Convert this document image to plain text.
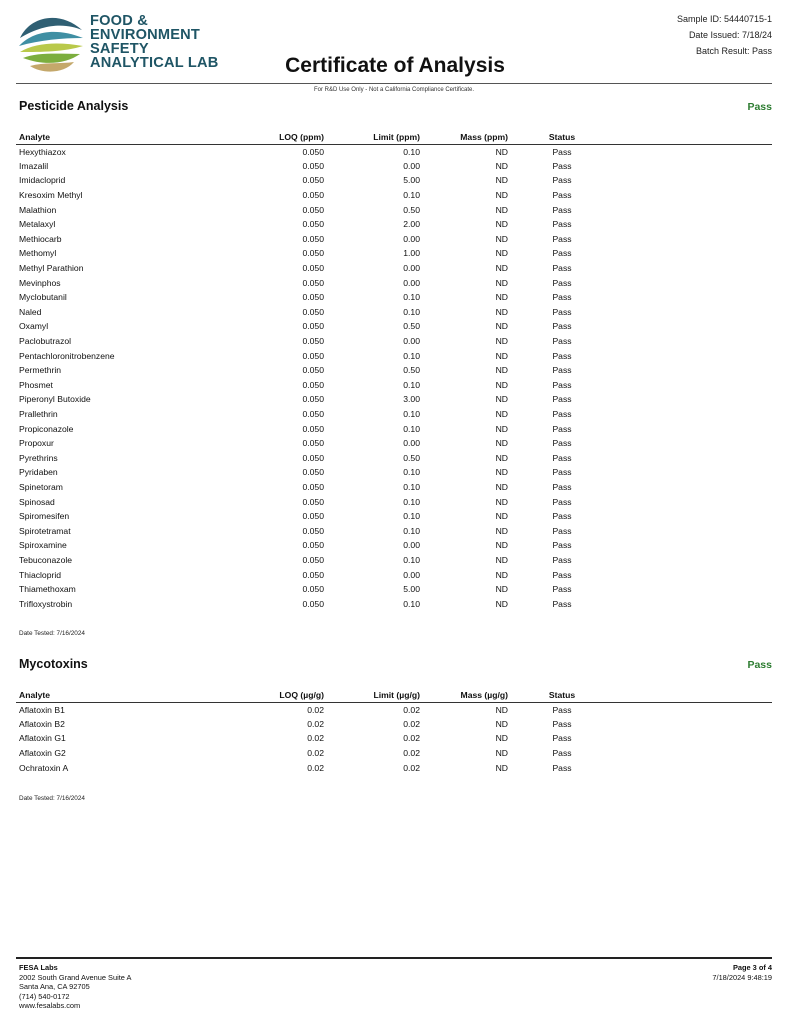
FOOD &
ENVIRONMENT
SAFETY
ANALYTICAL LAB	Certificate of Analysis
Sample ID: 54440715-1
Date Issued: 7/18/24
Batch Result: Pass
For R&D Use Only - Not a California Compliance Certificate.
Pesticide Analysis	Pass
Analyte	LOQ (ppm)	Limit (ppm)	Mass (ppm)	Status	
Hexythiazox	0.050	0.10	ND	Pass	
Imazalil	0.050	0.00	ND	Pass	
Imidacloprid	0.050	5.00	ND	Pass	
Kresoxim Methyl	0.050	0.10	ND	Pass	
Malathion	0.050	0.50	ND	Pass	
Metalaxyl	0.050	2.00	ND	Pass	
Methiocarb	0.050	0.00	ND	Pass	
Methomyl	0.050	1.00	ND	Pass	
Methyl Parathion	0.050	0.00	ND	Pass	
Mevinphos	0.050	0.00	ND	Pass	
Myclobutanil	0.050	0.10	ND	Pass	
Naled	0.050	0.10	ND	Pass	
Oxamyl	0.050	0.50	ND	Pass	
Paclobutrazol	0.050	0.00	ND	Pass	
Pentachloronitrobenzene	0.050	0.10	ND	Pass	
Permethrin	0.050	0.50	ND	Pass	
Phosmet	0.050	0.10	ND	Pass	
Piperonyl Butoxide	0.050	3.00	ND	Pass	
Prallethrin	0.050	0.10	ND	Pass	
Propiconazole	0.050	0.10	ND	Pass	
Propoxur	0.050	0.00	ND	Pass	
Pyrethrins	0.050	0.50	ND	Pass	
Pyridaben	0.050	0.10	ND	Pass	
Spinetoram	0.050	0.10	ND	Pass	
Spinosad	0.050	0.10	ND	Pass	
Spiromesifen	0.050	0.10	ND	Pass	
Spirotetramat	0.050	0.10	ND	Pass	
Spiroxamine	0.050	0.00	ND	Pass	
Tebuconazole	0.050	0.10	ND	Pass	
Thiacloprid	0.050	0.00	ND	Pass	
Thiamethoxam	0.050	5.00	ND	Pass	
Trifloxystrobin	0.050	0.10	ND	Pass	
Date Tested: 7/16/2024
Mycotoxins	Pass
Analyte	LOQ (µg/g)	Limit (µg/g)	Mass (µg/g)	Status	
Aflatoxin B1	0.02	0.02	ND	Pass	
Aflatoxin B2	0.02	0.02	ND	Pass	
Aflatoxin G1	0.02	0.02	ND	Pass	
Aflatoxin G2	0.02	0.02	ND	Pass	
Ochratoxin A	0.02	0.02	ND	Pass	
Date Tested: 7/16/2024
FESA Labs
2002 South Grand Avenue Suite A
Santa Ana, CA 92705
(714) 540-0172
www.fesalabs.com
Page 3 of 4
7/18/2024 9:48:19
